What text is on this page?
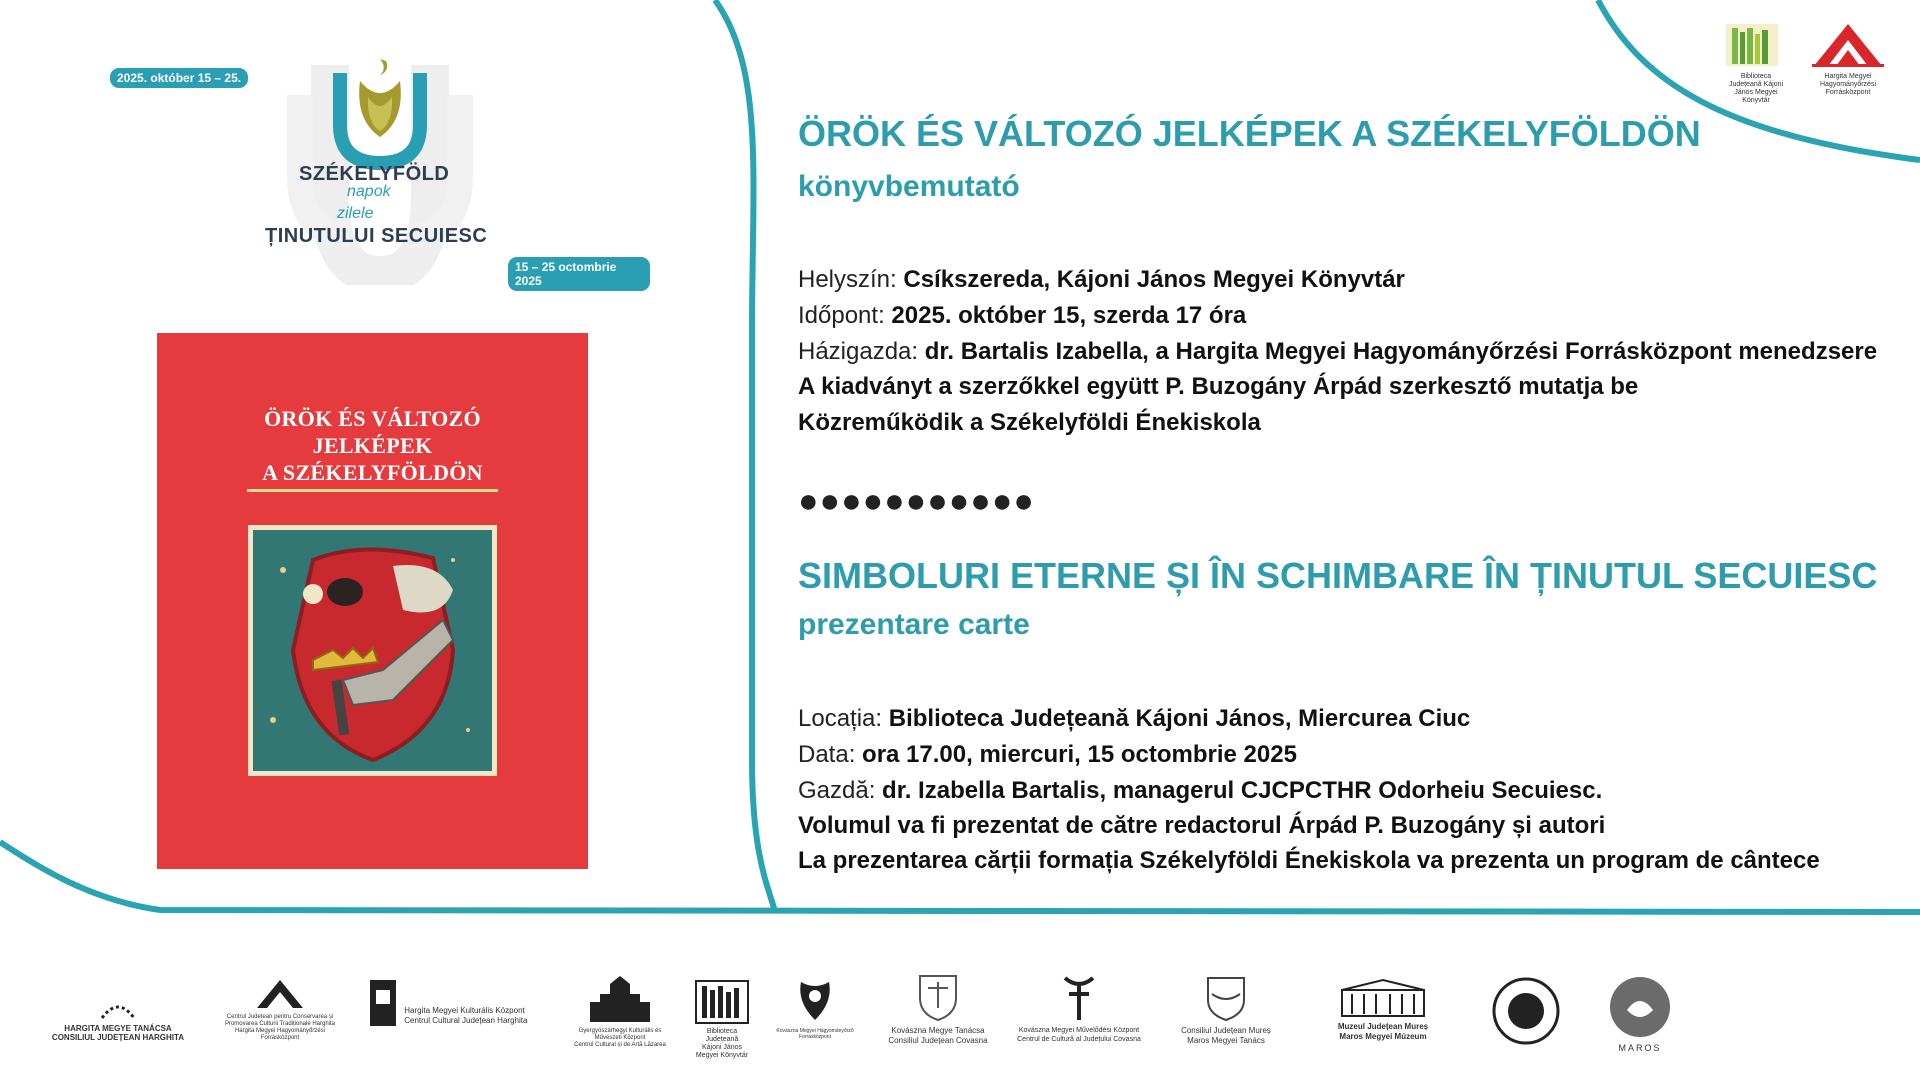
2025. október 15 – 25.
SZÉKELYFÖLD
napok
zilele
ȚINUTULUI SECUIESC
15 – 25 octombrie 2025
Biblioteca Județeană Kájoni János Megyei Könyvtár
Hargita Megyei Hagyományőrzési Forrásközpont
ÖRÖK ÉS VÁLTOZÓ
JELKÉPEK
A SZÉKELYFÖLDÖN
ÖRÖK ÉS VÁLTOZÓ JELKÉPEK A SZÉKELYFÖLDÖN
könyvbemutató
Helyszín: Csíkszereda, Kájoni János Megyei Könyvtár
Időpont: 2025. október 15, szerda 17 óra
Házigazda: dr. Bartalis Izabella, a Hargita Megyei Hagyományőrzési Forrásközpont menedzsere
A kiadványt a szerzőkkel együtt P. Buzogány Árpád szerkesztő mutatja be
Közreműködik a Székelyföldi Énekiskola
●●●●●●●●●●●
SIMBOLURI ETERNE ȘI ÎN SCHIMBARE ÎN ȚINUTUL SECUIESC
prezentare carte
Locația: Biblioteca Județeană Kájoni János, Miercurea Ciuc
Data: ora 17.00, miercuri, 15 octombrie 2025
Gazdă: dr. Izabella Bartalis, managerul CJCPCTHR Odorheiu Secuiesc.
Volumul va fi prezentat de către redactorul Árpád P. Buzogány și autori
La prezentarea cărții formația Székelyföldi Énekiskola va prezenta un program de cântece
HARGITA MEGYE TANÁCSA
CONSILIUL JUDEȚEAN HARGHITA
Centrul Județean pentru Conservarea și Promovarea Culturii Tradiționale Harghita
Hargita Megyei Hagyományőrzési Forrásközpont
Hargita Megyei Kulturális Központ
Centrul Cultural Județean Harghita
Gyergyószárhegyi Kulturális és Művészeti Központ
Centrul Cultural și de Artă Lăzarea
Biblioteca Județeană
Kájoni János
Megyei Könyvtár
Kovászna Megyei Hagyományőrző Forrásközpont
Kovászna Megye Tanácsa
Consiliul Județean Covasna
Kovászna Megyei Művelődési Központ
Centrul de Cultură al Județului Covasna
Consiliul Județean Mureș
Maros Megyei Tanács
Muzeul Județean Mureș
Maros Megyei Múzeum
MAROS
